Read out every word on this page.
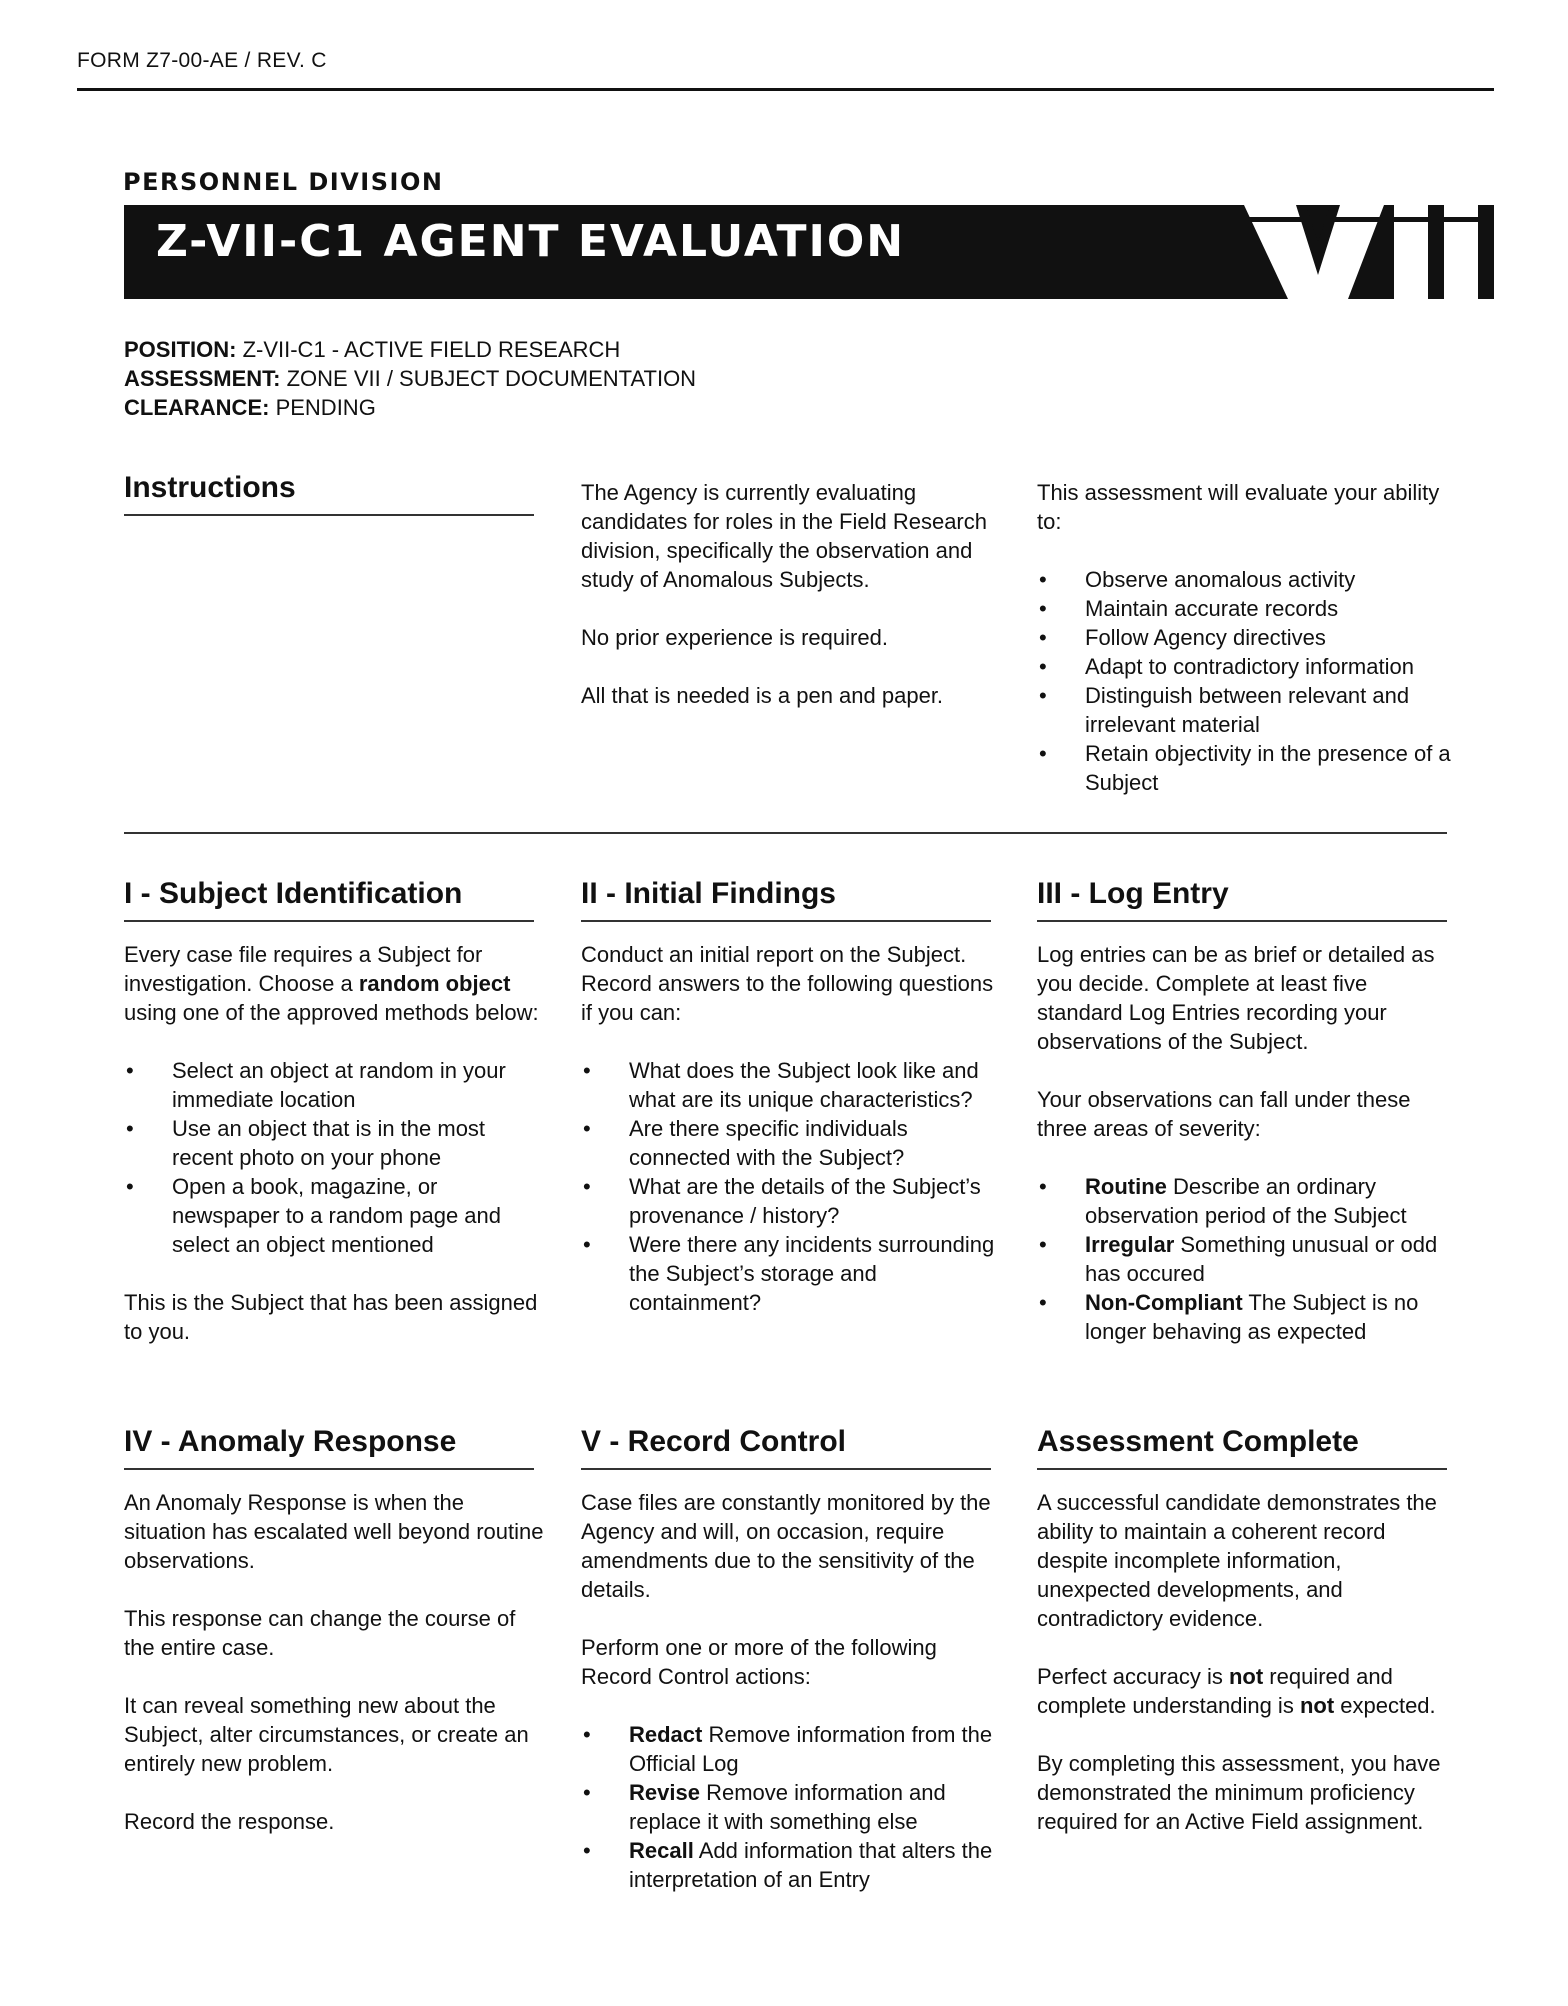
FORM Z7-00-AE / REV. C
PERSONNEL DIVISION
Z-VII-C1 AGENT EVALUATION
POSITION: Z-VII-C1 - ACTIVE FIELD RESEARCH
ASSESSMENT: ZONE VII / SUBJECT DOCUMENTATION
CLEARANCE: PENDING
Instructions	The Agency is currently evaluating candidates for roles in the Field Research division, specifically the observation and study of Anomalous Subjects.

No prior experience is required.

All that is needed is a pen and paper.

This assessment will evaluate your ability to:

• Observe anomalous activity
• Maintain accurate records
• Follow Agency directives
• Adapt to contradictory information
• Distinguish between relevant and irrelevant material
• Retain objectivity in the presence of a Subject
I - Subject Identification

Every case file requires a Subject for investigation. Choose a random object using one of the approved methods below:

• Select an object at random in your immediate location
• Use an object that is in the most recent photo on your phone
• Open a book, magazine, or newspaper to a random page and select an object mentioned

This is the Subject that has been assigned to you.

II - Initial Findings

Conduct an initial report on the Subject. Record answers to the following questions if you can:

• What does the Subject look like and what are its unique characteristics?
• Are there specific individuals connected with the Subject?
• What are the details of the Subject’s provenance / history?
• Were there any incidents surrounding the Subject’s storage and containment?
III - Log Entry

Log entries can be as brief or detailed as you decide. Complete at least five standard Log Entries recording your observations of the Subject.

Your observations can fall under these three areas of severity:

• Routine Describe an ordinary observation period of the Subject
• Irregular Something unusual or odd has occured
• Non-Compliant The Subject is no longer behaving as expected
IV - Anomaly Response

An Anomaly Response is when the situation has escalated well beyond routine observations.

This response can change the course of the entire case.

It can reveal something new about the Subject, alter circumstances, or create an entirely new problem.

Record the response.

V - Record Control

Case files are constantly monitored by the Agency and will, on occasion, require amendments due to the sensitivity of the details.

Perform one or more of the following Record Control actions:

• Redact Remove information from the Official Log
• Revise Remove information and replace it with something else
• Recall Add information that alters the interpretation of an Entry
Assessment Complete

A successful candidate demonstrates the ability to maintain a coherent record despite incomplete information, unexpected developments, and contradictory evidence.

Perfect accuracy is not required and complete understanding is not expected.

By completing this assessment, you have demonstrated the minimum proficiency required for an Active Field assignment.
